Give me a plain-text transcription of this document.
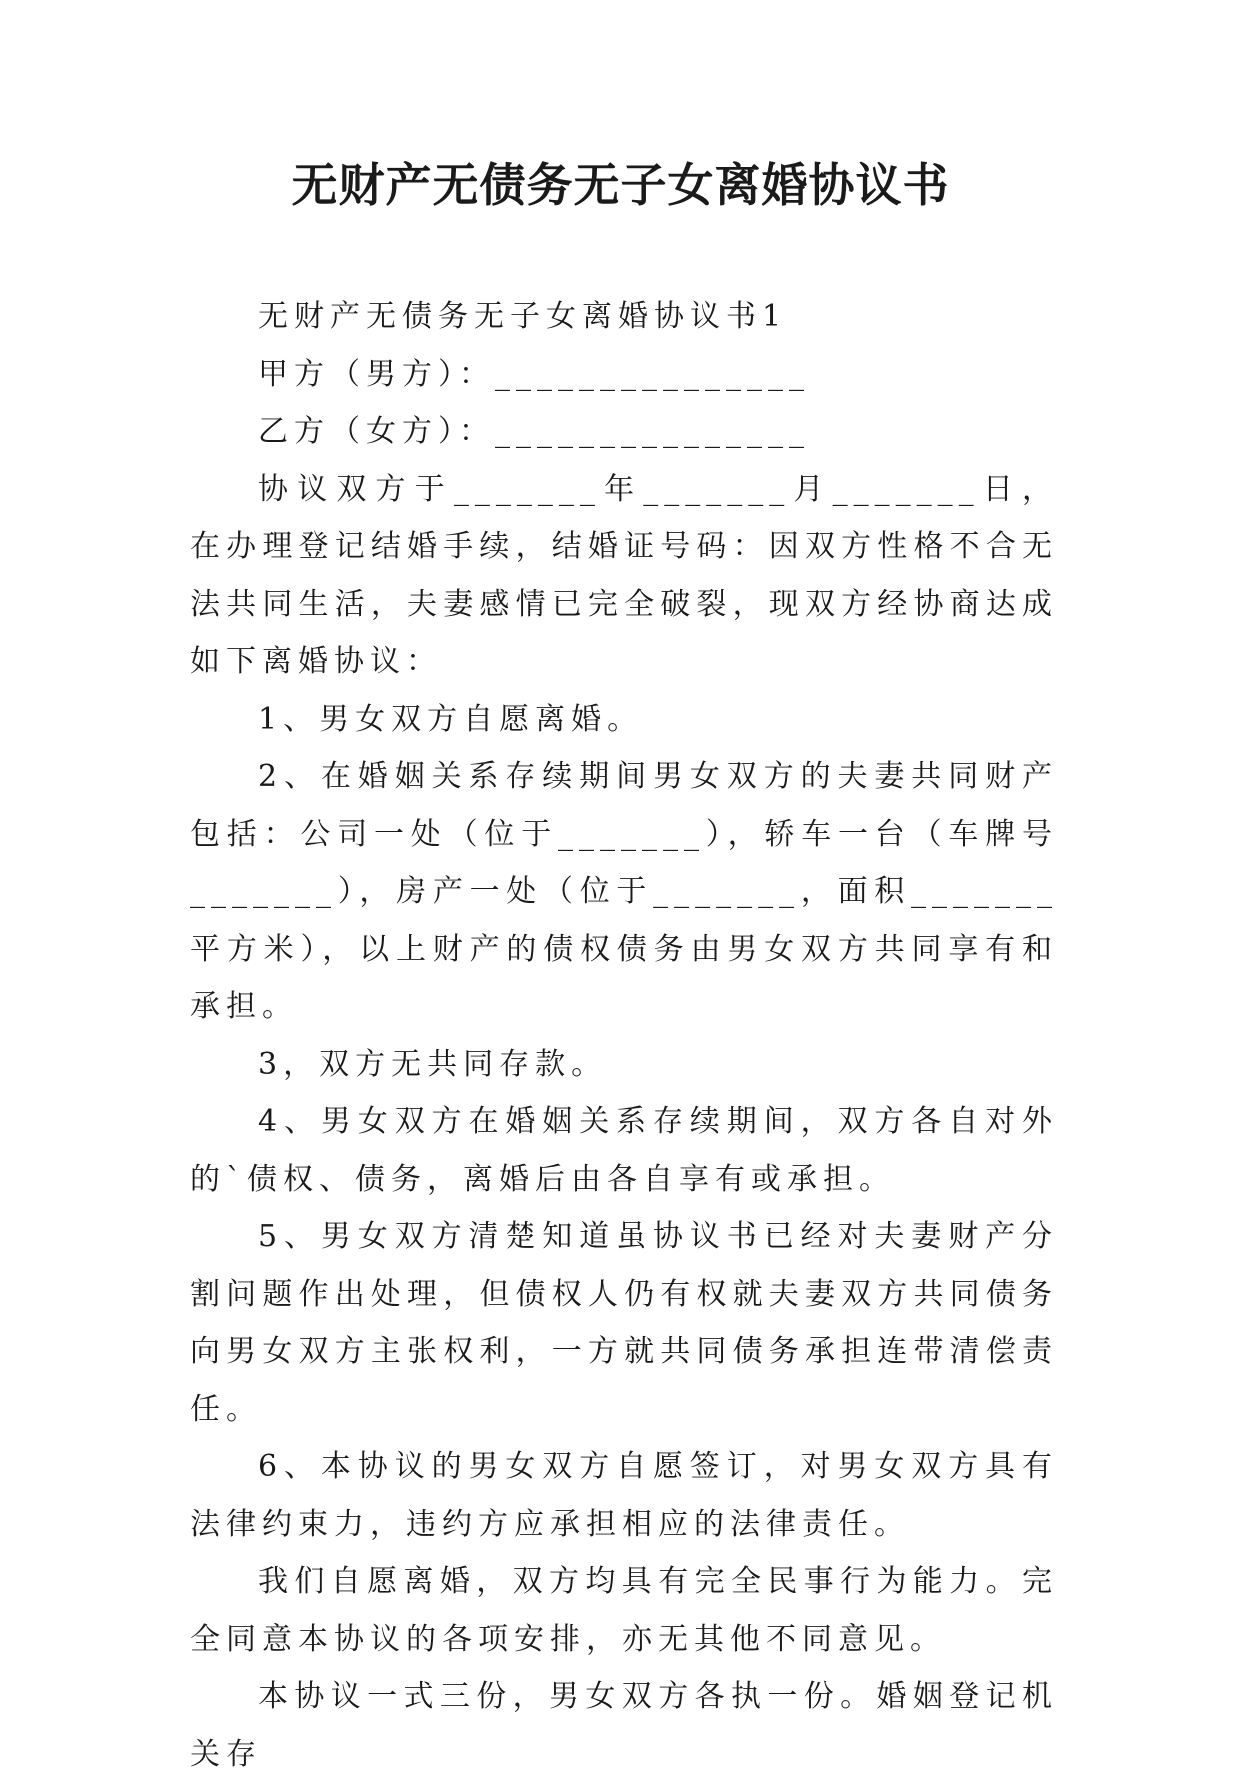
无财产无债务无子女离婚协议书

无财产无债务无子女离婚协议书1

甲方（男方）：_______________

乙方（女方）：_______________

协议双方于_______年_______月_______日，在办理登记结婚手续，结婚证号码：因双方性格不合无法共同生活，夫妻感情已完全破裂，现双方经协商达成如下离婚协议：

1、男女双方自愿离婚。

2、在婚姻关系存续期间男女双方的夫妻共同财产包括：公司一处（位于_______），轿车一台（车牌号_______），房产一处（位于_______，面积_______平方米），以上财产的债权债务由男女双方共同享有和承担。

3，双方无共同存款。

4、男女双方在婚姻关系存续期间，双方各自对外的`债权、债务，离婚后由各自享有或承担。

5、男女双方清楚知道虽协议书已经对夫妻财产分割问题作出处理，但债权人仍有权就夫妻双方共同债务向男女双方主张权利，一方就共同债务承担连带清偿责任。

6、本协议的男女双方自愿签订，对男女双方具有法律约束力，违约方应承担相应的法律责任。

我们自愿离婚，双方均具有完全民事行为能力。完全同意本协议的各项安排，亦无其他不同意见。

本协议一式三份，男女双方各执一份。婚姻登记机关存
